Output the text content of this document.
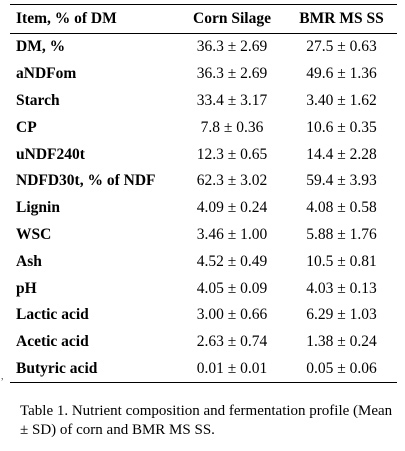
Item, % of DM	Corn Silage	BMR MS SS
DM, %	36.3 ± 2.69	27.5 ± 0.63
aNDFom	36.3 ± 2.69	49.6 ± 1.36
Starch	33.4 ± 3.17	3.40 ± 1.62
CP	7.8 ± 0.36	10.6 ± 0.35
uNDF240t	12.3 ± 0.65	14.4 ± 2.28
NDFD30t, % of NDF	62.3 ± 3.02	59.4 ± 3.93
Lignin	4.09 ± 0.24	4.08 ± 0.58
WSC	3.46 ± 1.00	5.88 ± 1.76
Ash	4.52 ± 0.49	10.5 ± 0.81
pH	4.05 ± 0.09	4.03 ± 0.13
Lactic acid	3.00 ± 0.66	6.29 ± 1.03
Acetic acid	2.63 ± 0.74	1.38 ± 0.24
Butyric acid	0.01 ± 0.01	0.05 ± 0.06
,

Table 1. Nutrient composition and fermentation profile (Mean ± SD) of corn and BMR MS SS.
